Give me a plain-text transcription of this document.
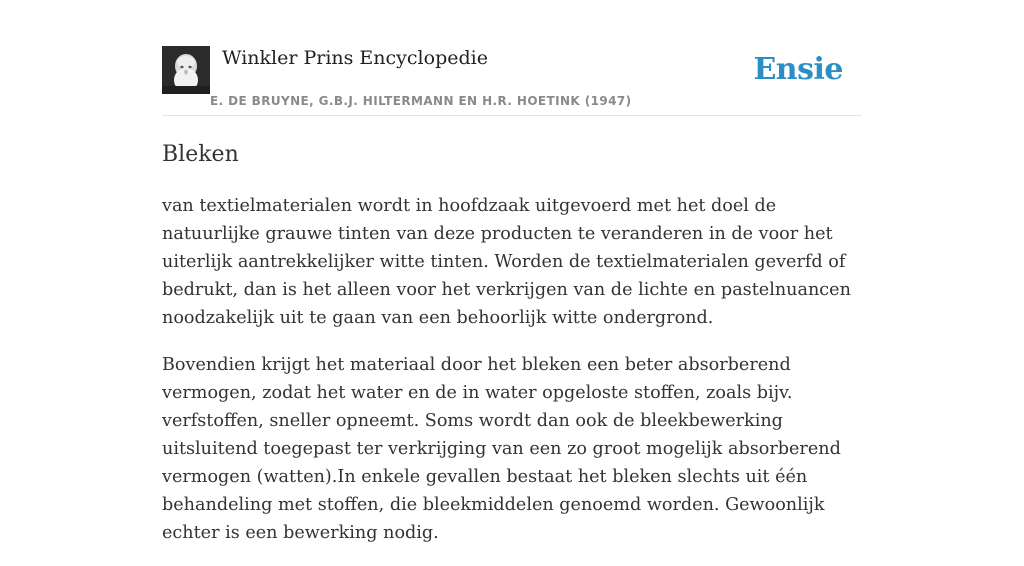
Winkler Prins Encyclopedie
E. DE BRUYNE, G.B.J. HILTERMANN EN H.R. HOETINK (1947)
Ensie
Bleken

van textielmaterialen wordt in hoofdzaak uitgevoerd met het doel de natuurlijke grauwe tinten van deze producten te veranderen in de voor het uiterlijk aantrekkelijker witte tinten. Worden de textielmaterialen geverfd of bedrukt, dan is het alleen voor het verkrijgen van de lichte en pastelnuancen noodzakelijk uit te gaan van een behoorlijk witte ondergrond.

Bovendien krijgt het materiaal door het bleken een beter absorberend vermogen, zodat het water en de in water opgeloste stoffen, zoals bijv. verfstoffen, sneller opneemt. Soms wordt dan ook de bleekbewerking uitsluitend toegepast ter verkrijging van een zo groot mogelijk absorberend vermogen (watten).In enkele gevallen bestaat het bleken slechts uit één behandeling met stoffen, die bleekmiddelen genoemd worden. Gewoonlijk echter is een bewerking nodig.
